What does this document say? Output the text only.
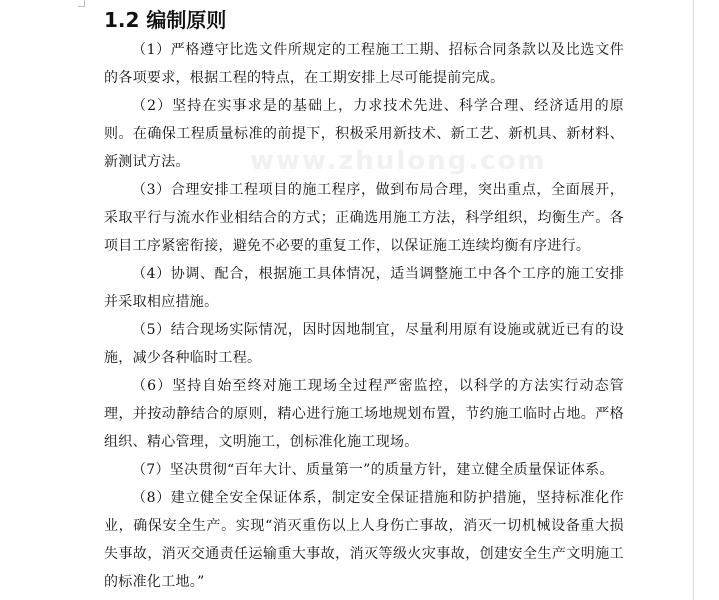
1.2 编制原则
www.zhulong.com

（1）严格遵守比选文件所规定的工程施工工期、招标合同条款以及比选文件的各项要求，根据工程的特点，在工期安排上尽可能提前完成。

（2）坚持在实事求是的基础上，力求技术先进、科学合理、经济适用的原则。在确保工程质量标准的前提下，积极采用新技术、新工艺、新机具、新材料、新测试方法。

（3）合理安排工程项目的施工程序，做到布局合理，突出重点，全面展开，采取平行与流水作业相结合的方式；正确选用施工方法，科学组织，均衡生产。各项目工序紧密衔接，避免不必要的重复工作，以保证施工连续均衡有序进行。

（4）协调、配合，根据施工具体情况，适当调整施工中各个工序的施工安排并采取相应措施。

（5）结合现场实际情况，因时因地制宜，尽量利用原有设施或就近已有的设施，减少各种临时工程。

（6）坚持自始至终对施工现场全过程严密监控，以科学的方法实行动态管理，并按动静结合的原则，精心进行施工场地规划布置，节约施工临时占地。严格组织、精心管理，文明施工，创标准化施工现场。

（7）坚决贯彻“百年大计、质量第一”的质量方针，建立健全质量保证体系。

（8）建立健全安全保证体系，制定安全保证措施和防护措施，坚持标准化作业，确保安全生产。实现“消灭重伤以上人身伤亡事故，消灭一切机械设备重大损失事故，消灭交通责任运输重大事故，消灭等级火灾事故，创建安全生产文明施工的标准化工地。”
